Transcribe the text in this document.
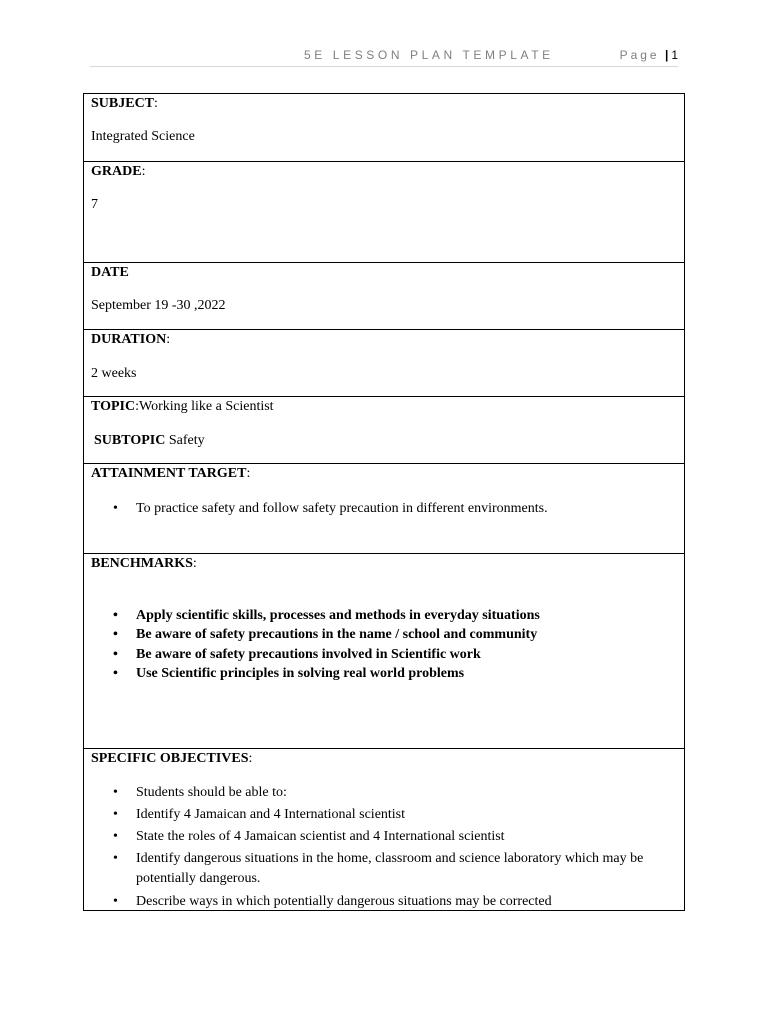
5E LESSON PLAN TEMPLATE	Page | 1

SUBJECT:

Integrated Science

GRADE:

7

DATE

September 19 -30 ,2022

DURATION:

2 weeks

TOPIC:Working like a Scientist

SUBTOPIC Safety

ATTAINMENT TARGET:

• To practice safety and follow safety precaution in different environments.

BENCHMARKS:

• Apply scientific skills, processes and methods in everyday situations
• Be aware of safety precautions in the name / school and community
• Be aware of safety precautions involved in Scientific work
• Use Scientific principles in solving real world problems

SPECIFIC OBJECTIVES:

• Students should be able to:
• Identify 4 Jamaican and 4 International scientist
• State the roles of 4 Jamaican scientist and 4 International scientist
• Identify dangerous situations in the home, classroom and science laboratory which may be potentially dangerous.
• Describe ways in which potentially dangerous situations may be corrected
